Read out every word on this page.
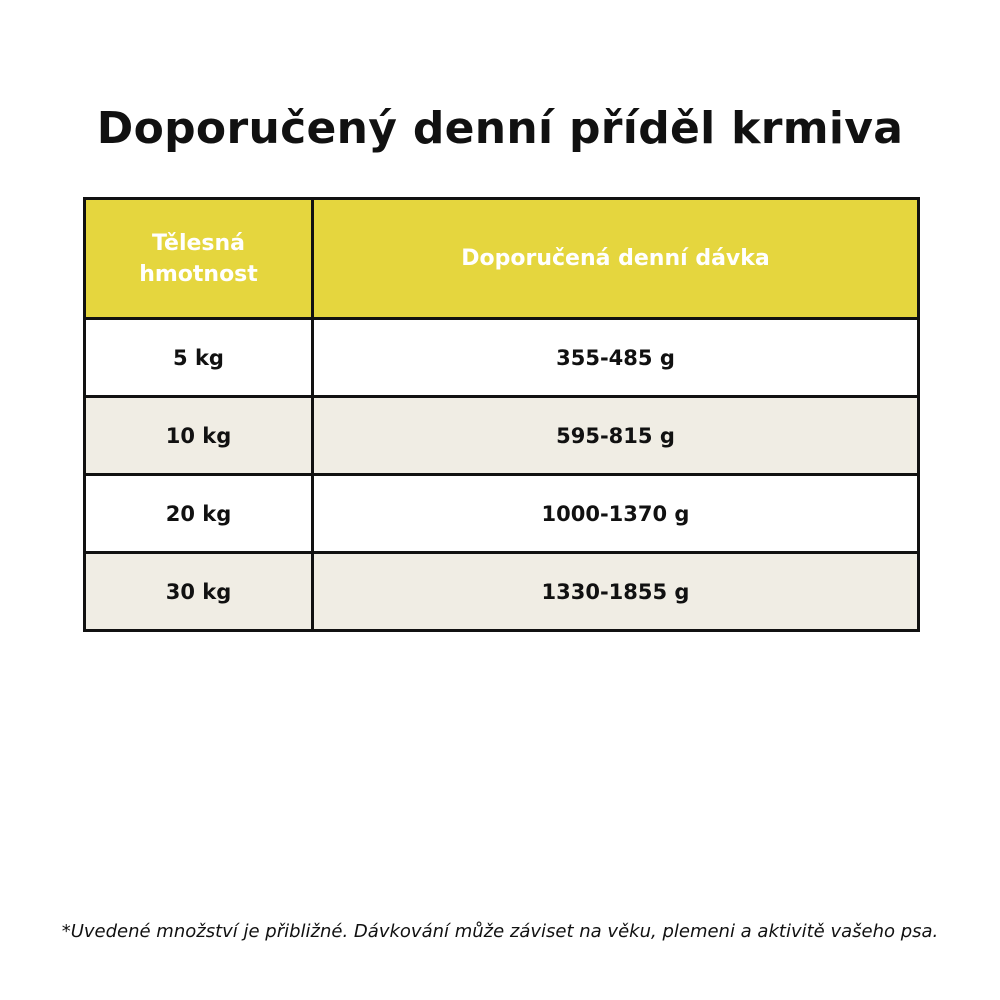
Doporučený denní příděl krmiva
Tělesná
hmotnost	Doporučená denní dávka
5 kg	355-485 g
10 kg	595-815 g
20 kg	1000-1370 g
30 kg	1330-1855 g

*Uvedené množství je přibližné. Dávkování může záviset na věku, plemeni a aktivitě vašeho psa.
